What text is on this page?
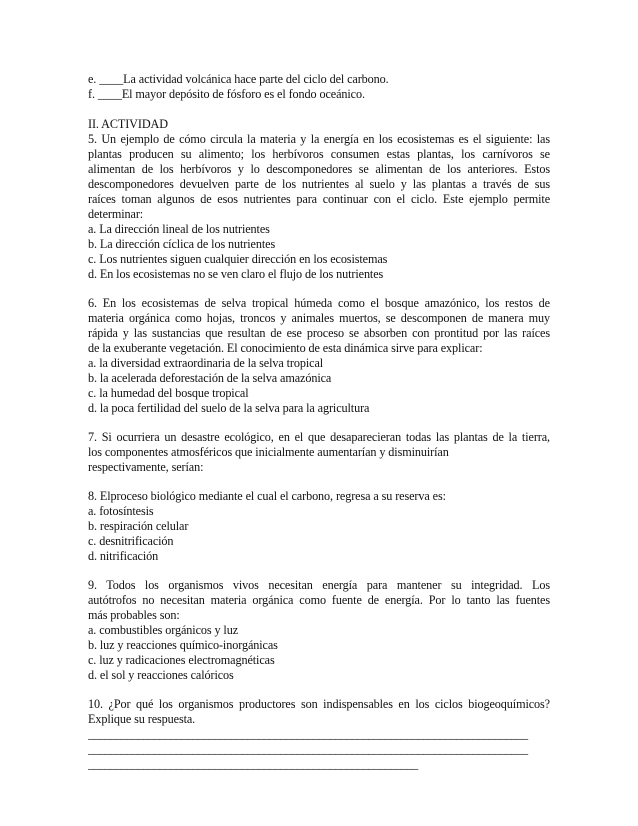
e. ____La actividad volcánica hace parte del ciclo del carbono.
f. ____El mayor depósito de fósforo es el fondo oceánico.
II. ACTIVIDAD
5. Un ejemplo de cómo circula la materia y la energía en los ecosistemas es el siguiente: las
plantas producen su alimento; los herbívoros consumen estas plantas, los carnívoros se
alimentan de los herbívoros y lo descomponedores se alimentan de los anteriores. Estos
descomponedores devuelven parte de los nutrientes al suelo y las plantas a través de sus
raíces toman algunos de esos nutrientes para continuar con el ciclo. Este ejemplo permite
determinar:
a. La dirección lineal de los nutrientes
b. La dirección cíclica de los nutrientes
c. Los nutrientes siguen cualquier dirección en los ecosistemas
d. En los ecosistemas no se ven claro el flujo de los nutrientes
6. En los ecosistemas de selva tropical húmeda como el bosque amazónico, los restos de
materia orgánica como hojas, troncos y animales muertos, se descomponen de manera muy
rápida y las sustancias que resultan de ese proceso se absorben con prontitud por las raíces
de la exuberante vegetación. El conocimiento de esta dinámica sirve para explicar:
a. la diversidad extraordinaria de la selva tropical
b. la acelerada deforestación de la selva amazónica
c. la humedad del bosque tropical
d. la poca fertilidad del suelo de la selva para la agricultura
7. Si ocurriera un desastre ecológico, en el que desaparecieran todas las plantas de la tierra,
los componentes atmosféricos que inicialmente aumentarían y disminuirían
respectivamente, serían:
8. Elproceso biológico mediante el cual el carbono, regresa a su reserva es:
a. fotosíntesis
b. respiración celular
c. desnitrificación
d. nitrificación
9. Todos los organismos vivos necesitan energía para mantener su integridad. Los
autótrofos no necesitan materia orgánica como fuente de energía. Por lo tanto las fuentes
más probables son:
a. combustibles orgánicos y luz
b. luz y reacciones químico-inorgánicas
c. luz y radicaciones electromagnéticas
d. el sol y reacciones calóricos
10. ¿Por qué los organismos productores son indispensables en los ciclos biogeoquímicos?
Explique su respuesta.
________________________________________________________________________________
________________________________________________________________________________
____________________________________________________________
